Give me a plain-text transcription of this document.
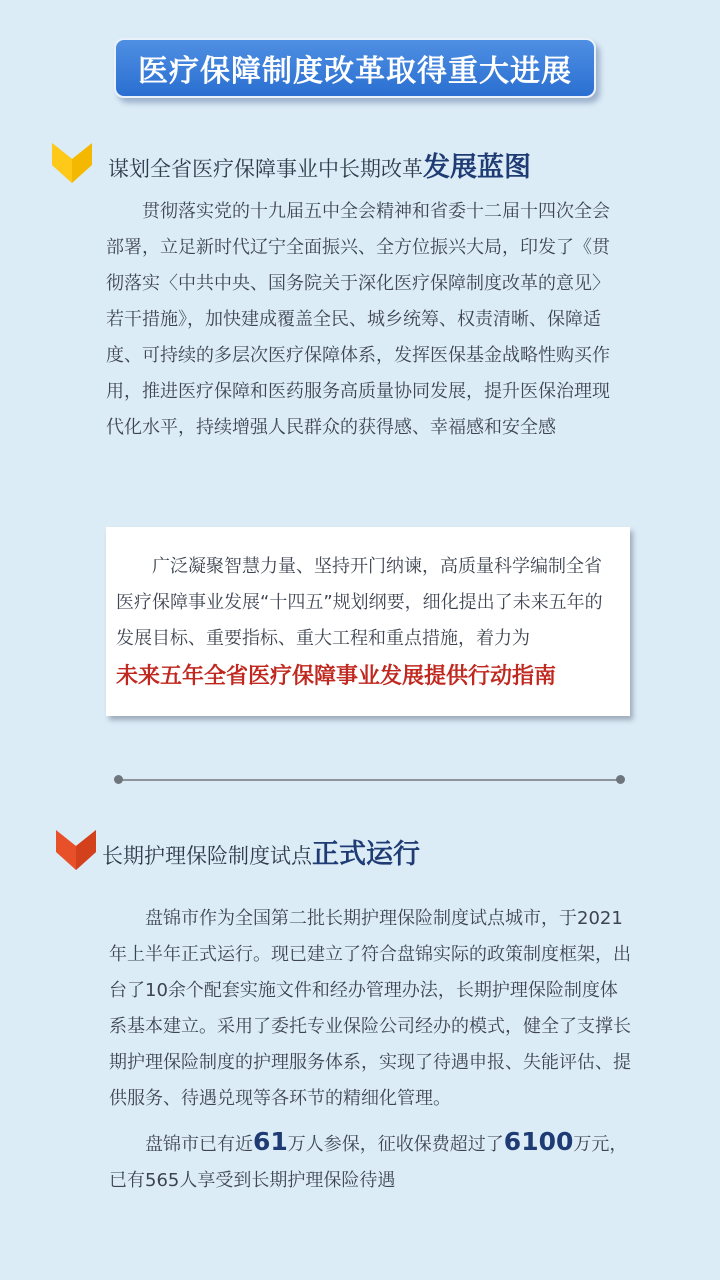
医疗保障制度改革取得重大进展
谋划全省医疗保障事业中长期改革发展蓝图

贯彻落实党的十九届五中全会精神和省委十二届十四次全会部署，立足新时代辽宁全面振兴、全方位振兴大局，印发了《贯彻落实〈中共中央、国务院关于深化医疗保障制度改革的意见〉若干措施》，加快建成覆盖全民、城乡统筹、权责清晰、保障适度、可持续的多层次医疗保障体系，发挥医保基金战略性购买作用，推进医疗保障和医药服务高质量协同发展，提升医保治理现代化水平，持续增强人民群众的获得感、幸福感和安全感

广泛凝聚智慧力量、坚持开门纳谏，高质量科学编制全省医疗保障事业发展“十四五”规划纲要，细化提出了未来五年的发展目标、重要指标、重大工程和重点措施，着力为
未来五年全省医疗保障事业发展提供行动指南

长期护理保险制度试点正式运行

盘锦市作为全国第二批长期护理保险制度试点城市，于2021年上半年正式运行。现已建立了符合盘锦实际的政策制度框架，出台了10余个配套实施文件和经办管理办法，长期护理保险制度体系基本建立。采用了委托专业保险公司经办的模式，健全了支撑长期护理保险制度的护理服务体系，实现了待遇申报、失能评估、提供服务、待遇兑现等各环节的精细化管理。

盘锦市已有近61万人参保，征收保费超过了6100万元，已有565人享受到长期护理保险待遇
